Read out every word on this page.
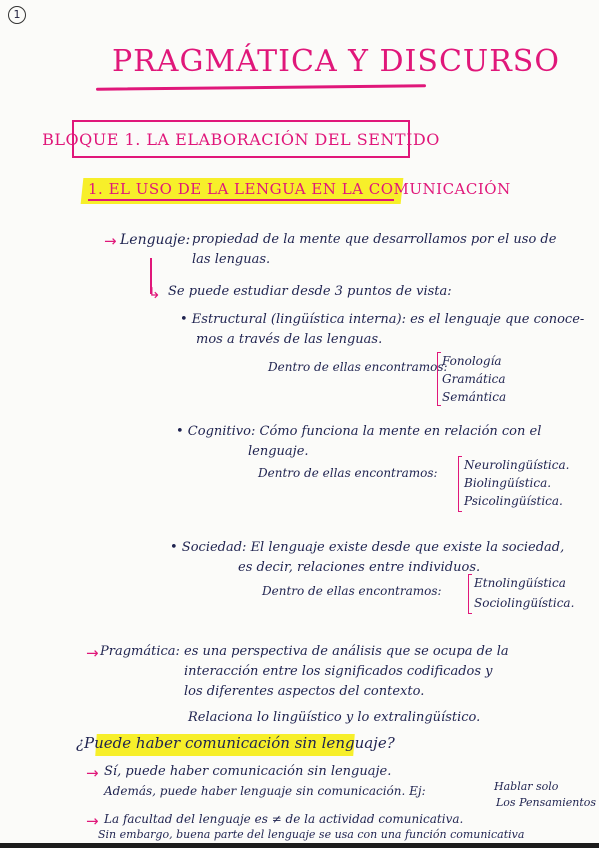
1
PRAGMÁTICA Y DISCURSO
BLOQUE 1. LA ELABORACIÓN DEL SENTIDO
1. EL USO DE LA LENGUA EN LA COMUNICACIÓN
→ Lenguaje: propiedad de la mente que desarrollamos por el uso de
las lenguas.
↳ Se puede estudiar desde 3 puntos de vista:
• Estructural (lingüística interna): es el lenguaje que conoce-
mos a través de las lenguas.
Dentro de ellas encontramos:
Fonología
Gramática
Semántica
• Cognitivo: Cómo funciona la mente en relación con el
lenguaje.
Dentro de ellas encontramos:
Neurolingüística.
Biolingüística.
Psicolingüística.
• Sociedad: El lenguaje existe desde que existe la sociedad,
es decir, relaciones entre individuos.
Dentro de ellas encontramos:
Etnolingüística
Sociolingüística.
→ Pragmática: es una perspectiva de análisis que se ocupa de la
interacción entre los significados codificados y
los diferentes aspectos del contexto.
Relaciona lo lingüístico y lo extralingüístico.
¿Puede haber comunicación sin lenguaje?
→ Sí, puede haber comunicación sin lenguaje.
Además, puede haber lenguaje sin comunicación. Ej:	Hablar solo
Los Pensamientos
→ La facultad del lenguaje es ≠ de la actividad comunicativa.
Sin embargo, buena parte del lenguaje se usa con una función comunicativa
